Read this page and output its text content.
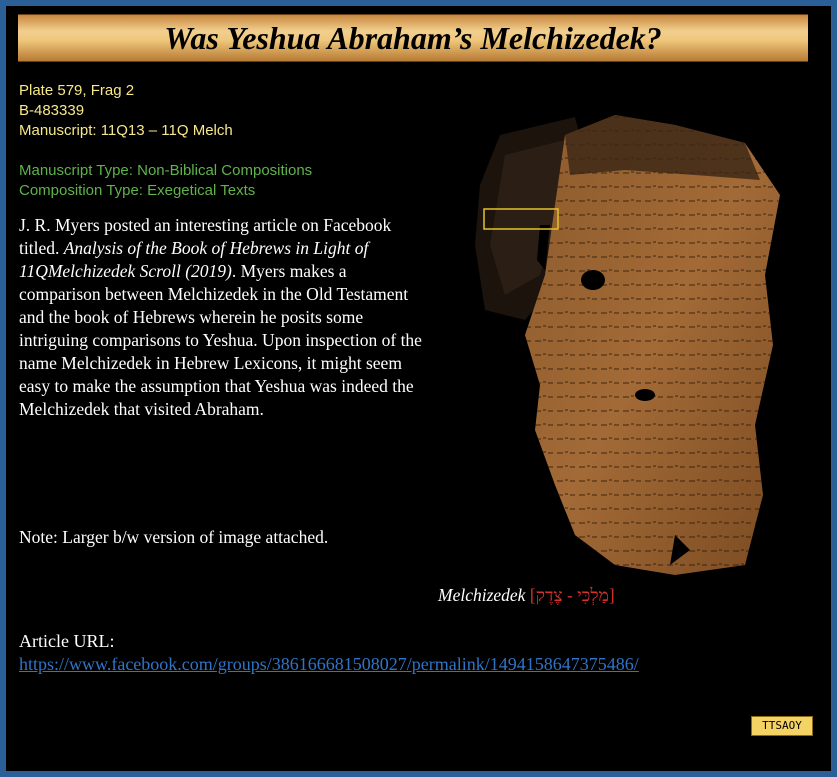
Was Yeshua Abraham’s Melchizedek?
Plate 579, Frag 2
B-483339
Manuscript: 11Q13 – 11Q Melch
Manuscript Type: Non-Biblical Compositions
Composition Type: Exegetical Texts
J. R. Myers posted an interesting article on Facebook titled. Analysis of the Book of Hebrews in Light of 11QMelchizedek Scroll (2019). Myers makes a comparison between Melchizedek in the Old Testament and the book of Hebrews wherein he posits some intriguing comparisons to Yeshua. Upon inspection of the name Melchizedek in Hebrew Lexicons, it might seem easy to make the assumption that Yeshua was indeed the Melchizedek that visited Abraham.
Note: Larger b/w version of image attached.
Melchizedek [מַלְכִּי - צֶדֶק]
Article URL:
https://www.facebook.com/groups/386166681508027/permalink/1494158647375486/
TTSAOY
